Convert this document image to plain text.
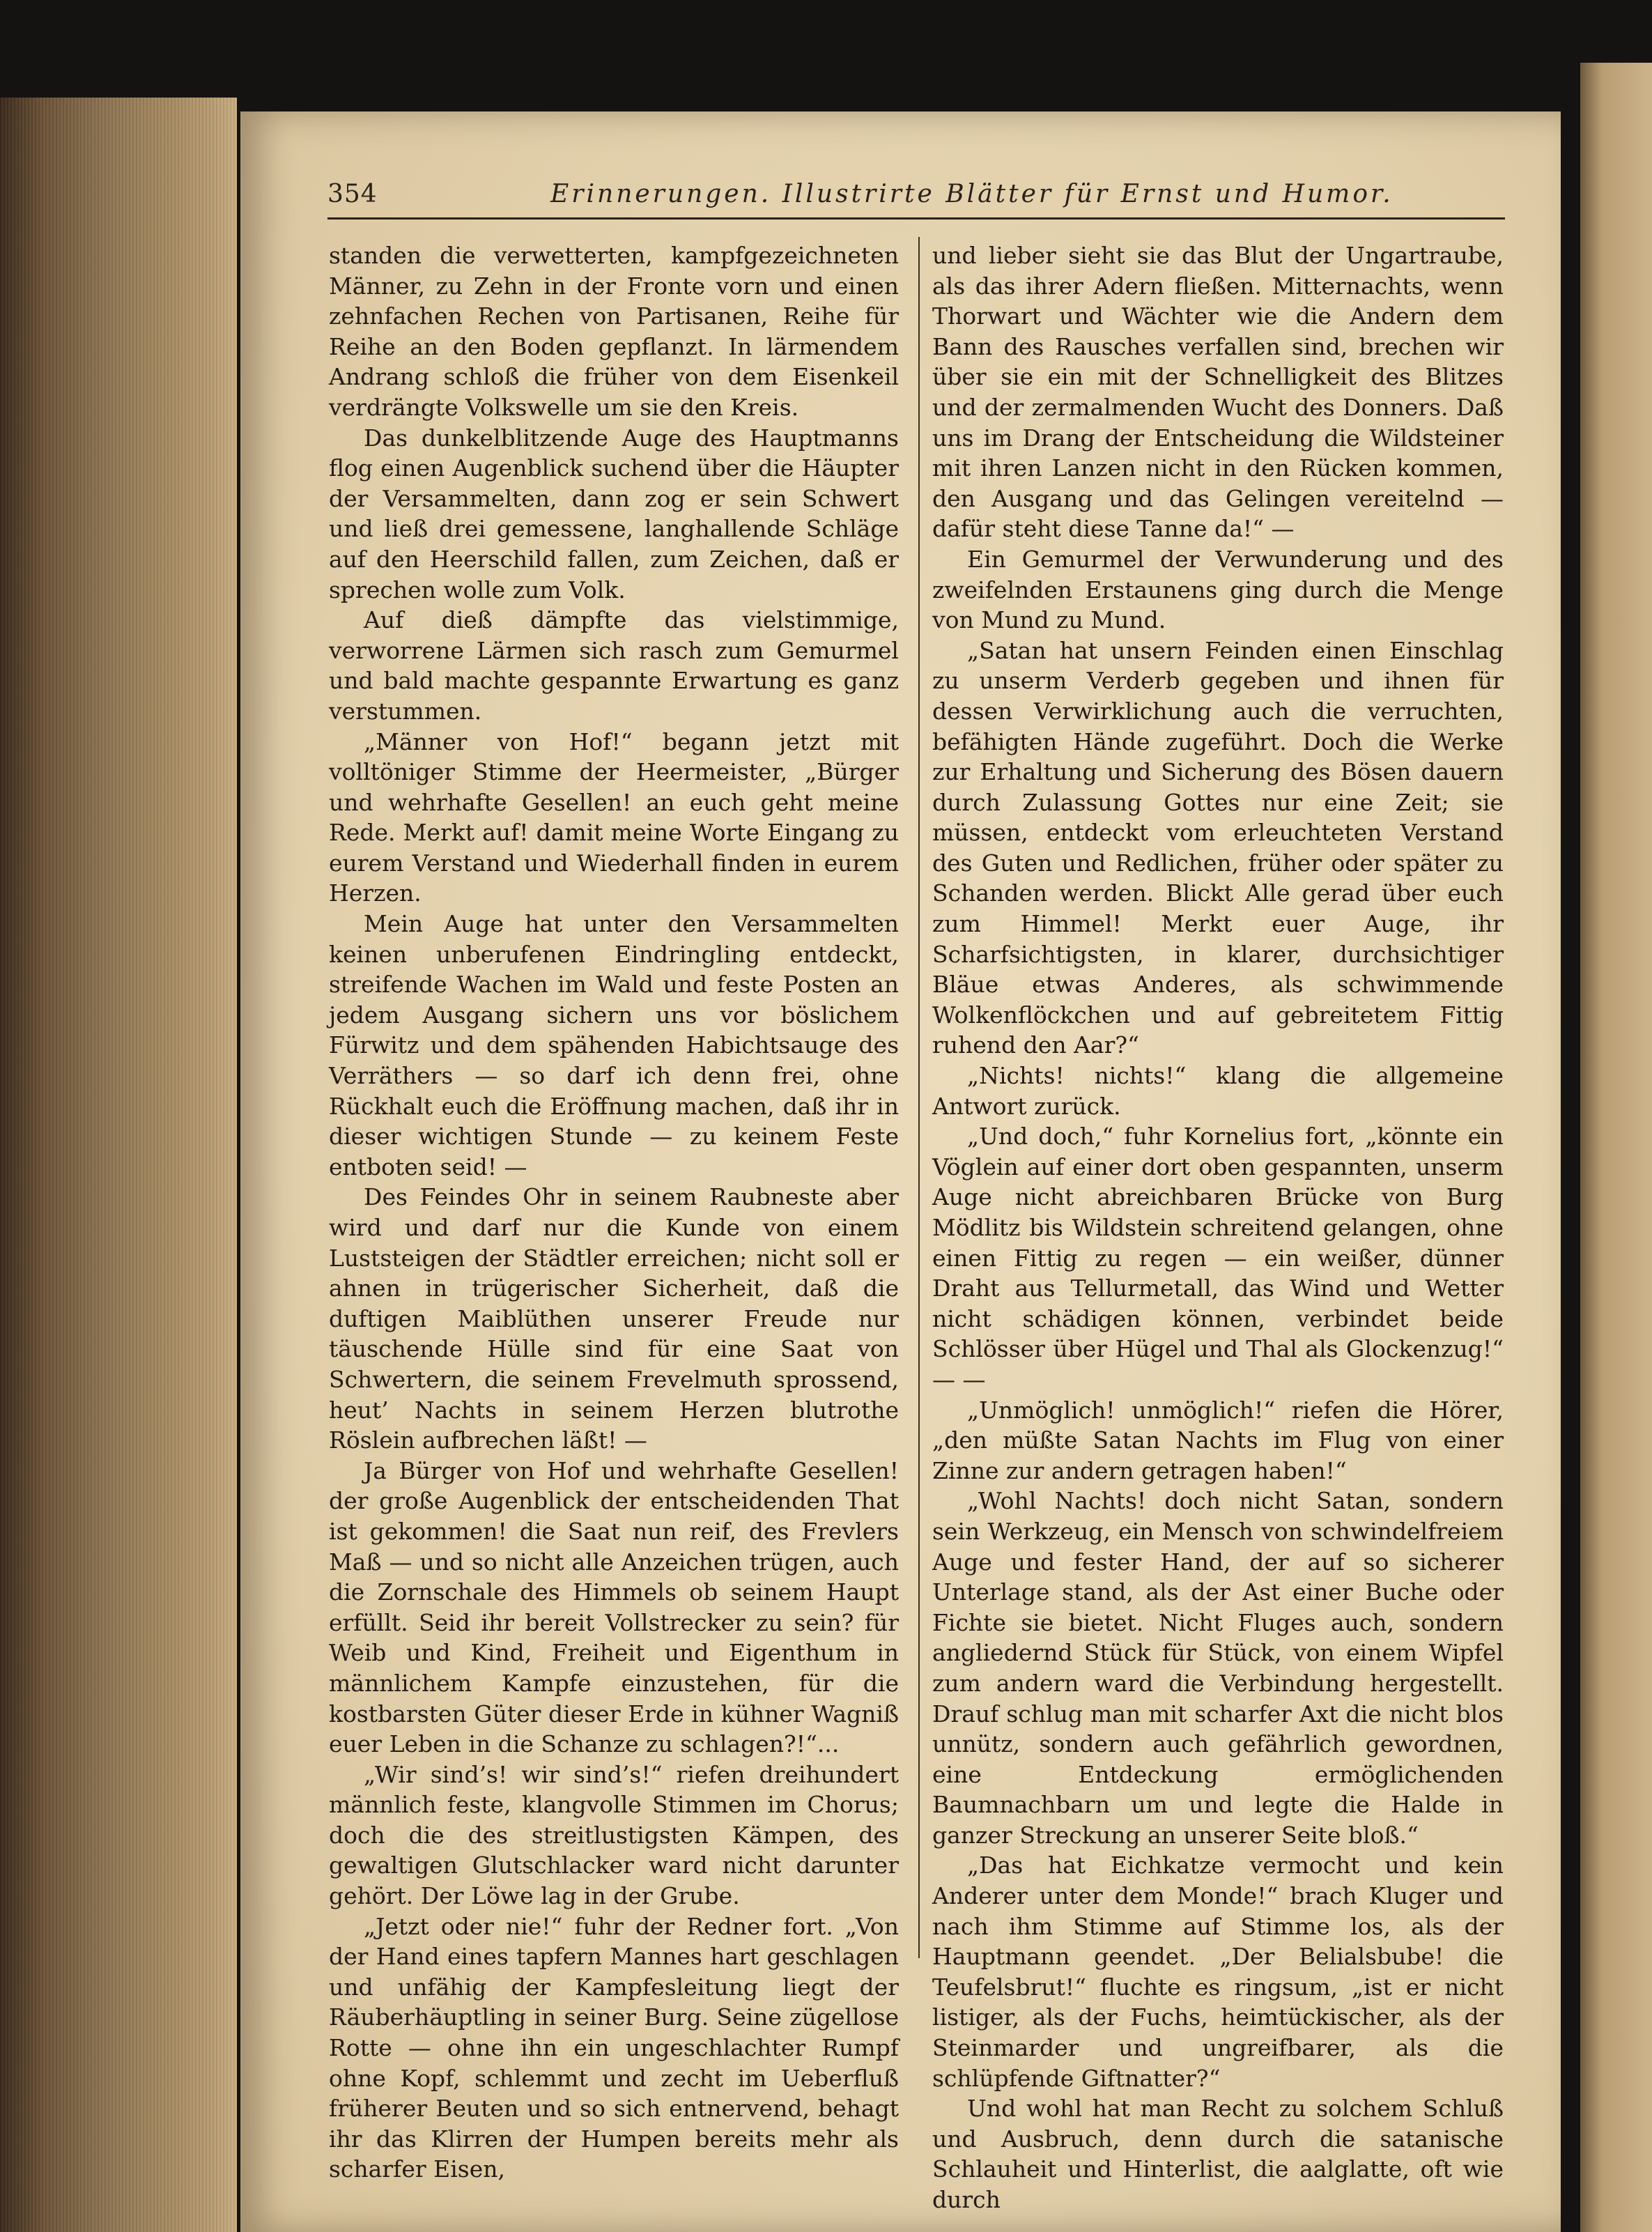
354	Erinnerungen. Illustrirte Blätter für Ernst und Humor.

standen die verwetterten, kampfgezeichneten Männer, zu Zehn in der Fronte vorn und einen zehnfachen Rechen von Partisanen, Reihe für Reihe an den Boden gepflanzt. In lärmendem Andrang schloß die früher von dem Eisenkeil verdrängte Volkswelle um sie den Kreis.

Das dunkelblitzende Auge des Hauptmanns flog einen Augenblick suchend über die Häupter der Versammelten, dann zog er sein Schwert und ließ drei gemessene, langhallende Schläge auf den Heerschild fallen, zum Zeichen, daß er sprechen wolle zum Volk.

Auf dieß dämpfte das vielstimmige, verworrene Lärmen sich rasch zum Gemurmel und bald machte gespannte Erwartung es ganz verstummen.

„Männer von Hof!“ begann jetzt mit volltöniger Stimme der Heermeister, „Bürger und wehrhafte Gesellen! an euch geht meine Rede. Merkt auf! damit meine Worte Eingang zu eurem Verstand und Wiederhall finden in eurem Herzen.

Mein Auge hat unter den Versammelten keinen unberufenen Eindringling entdeckt, streifende Wachen im Wald und feste Posten an jedem Ausgang sichern uns vor böslichem Fürwitz und dem spähenden Habichtsauge des Verräthers — so darf ich denn frei, ohne Rückhalt euch die Eröffnung machen, daß ihr in dieser wichtigen Stunde — zu keinem Feste entboten seid! —

Des Feindes Ohr in seinem Raubneste aber wird und darf nur die Kunde von einem Luststeigen der Städtler erreichen; nicht soll er ahnen in trügerischer Sicherheit, daß die duftigen Maiblüthen unserer Freude nur täuschende Hülle sind für eine Saat von Schwertern, die seinem Frevelmuth sprossend, heut’ Nachts in seinem Herzen blutrothe Röslein aufbrechen läßt! —

Ja Bürger von Hof und wehrhafte Gesellen! der große Augenblick der entscheidenden That ist gekommen! die Saat nun reif, des Frevlers Maß — und so nicht alle Anzeichen trügen, auch die Zornschale des Himmels ob seinem Haupt erfüllt. Seid ihr bereit Vollstrecker zu sein? für Weib und Kind, Freiheit und Eigenthum in männlichem Kampfe einzustehen, für die kostbarsten Güter dieser Erde in kühner Wagniß euer Leben in die Schanze zu schlagen?!“...

„Wir sind’s! wir sind’s!“ riefen dreihundert männlich feste, klangvolle Stimmen im Chorus; doch die des streitlustigsten Kämpen, des gewaltigen Glutschlacker ward nicht darunter gehört. Der Löwe lag in der Grube.

„Jetzt oder nie!“ fuhr der Redner fort. „Von der Hand eines tapfern Mannes hart geschlagen und unfähig der Kampfesleitung liegt der Räuberhäuptling in seiner Burg. Seine zügellose Rotte — ohne ihn ein ungeschlachter Rumpf ohne Kopf, schlemmt und zecht im Ueberfluß früherer Beuten und so sich entnervend, behagt ihr das Klirren der Humpen bereits mehr als scharfer Eisen,

und lieber sieht sie das Blut der Ungartraube, als das ihrer Adern fließen. Mitternachts, wenn Thorwart und Wächter wie die Andern dem Bann des Rausches verfallen sind, brechen wir über sie ein mit der Schnelligkeit des Blitzes und der zermalmenden Wucht des Donners. Daß uns im Drang der Entscheidung die Wildsteiner mit ihren Lanzen nicht in den Rücken kommen, den Ausgang und das Gelingen vereitelnd — dafür steht diese Tanne da!“ —

Ein Gemurmel der Verwunderung und des zweifelnden Erstaunens ging durch die Menge von Mund zu Mund.

„Satan hat unsern Feinden einen Einschlag zu unserm Verderb gegeben und ihnen für dessen Verwirklichung auch die verruchten, befähigten Hände zugeführt. Doch die Werke zur Erhaltung und Sicherung des Bösen dauern durch Zulassung Gottes nur eine Zeit; sie müssen, entdeckt vom erleuchteten Verstand des Guten und Redlichen, früher oder später zu Schanden werden. Blickt Alle gerad über euch zum Himmel! Merkt euer Auge, ihr Scharfsichtigsten, in klarer, durchsichtiger Bläue etwas Anderes, als schwimmende Wolkenflöckchen und auf gebreitetem Fittig ruhend den Aar?“

„Nichts! nichts!“ klang die allgemeine Antwort zurück.

„Und doch,“ fuhr Kornelius fort, „könnte ein Vöglein auf einer dort oben gespannten, unserm Auge nicht abreichbaren Brücke von Burg Mödlitz bis Wildstein schreitend gelangen, ohne einen Fittig zu regen — ein weißer, dünner Draht aus Tellurmetall, das Wind und Wetter nicht schädigen können, verbindet beide Schlösser über Hügel und Thal als Glockenzug!“ — —

„Unmöglich! unmöglich!“ riefen die Hörer, „den müßte Satan Nachts im Flug von einer Zinne zur andern getragen haben!“

„Wohl Nachts! doch nicht Satan, sondern sein Werkzeug, ein Mensch von schwindelfreiem Auge und fester Hand, der auf so sicherer Unterlage stand, als der Ast einer Buche oder Fichte sie bietet. Nicht Fluges auch, sondern angliedernd Stück für Stück, von einem Wipfel zum andern ward die Verbindung hergestellt. Drauf schlug man mit scharfer Axt die nicht blos unnütz, sondern auch gefährlich gewordnen, eine Entdeckung ermöglichenden Baumnachbarn um und legte die Halde in ganzer Streckung an unserer Seite bloß.“

„Das hat Eichkatze vermocht und kein Anderer unter dem Monde!“ brach Kluger und nach ihm Stimme auf Stimme los, als der Hauptmann geendet. „Der Belialsbube! die Teufelsbrut!“ fluchte es ringsum, „ist er nicht listiger, als der Fuchs, heimtückischer, als der Steinmarder und ungreifbarer, als die schlüpfende Giftnatter?“

Und wohl hat man Recht zu solchem Schluß und Ausbruch, denn durch die satanische Schlauheit und Hinterlist, die aalglatte, oft wie durch
